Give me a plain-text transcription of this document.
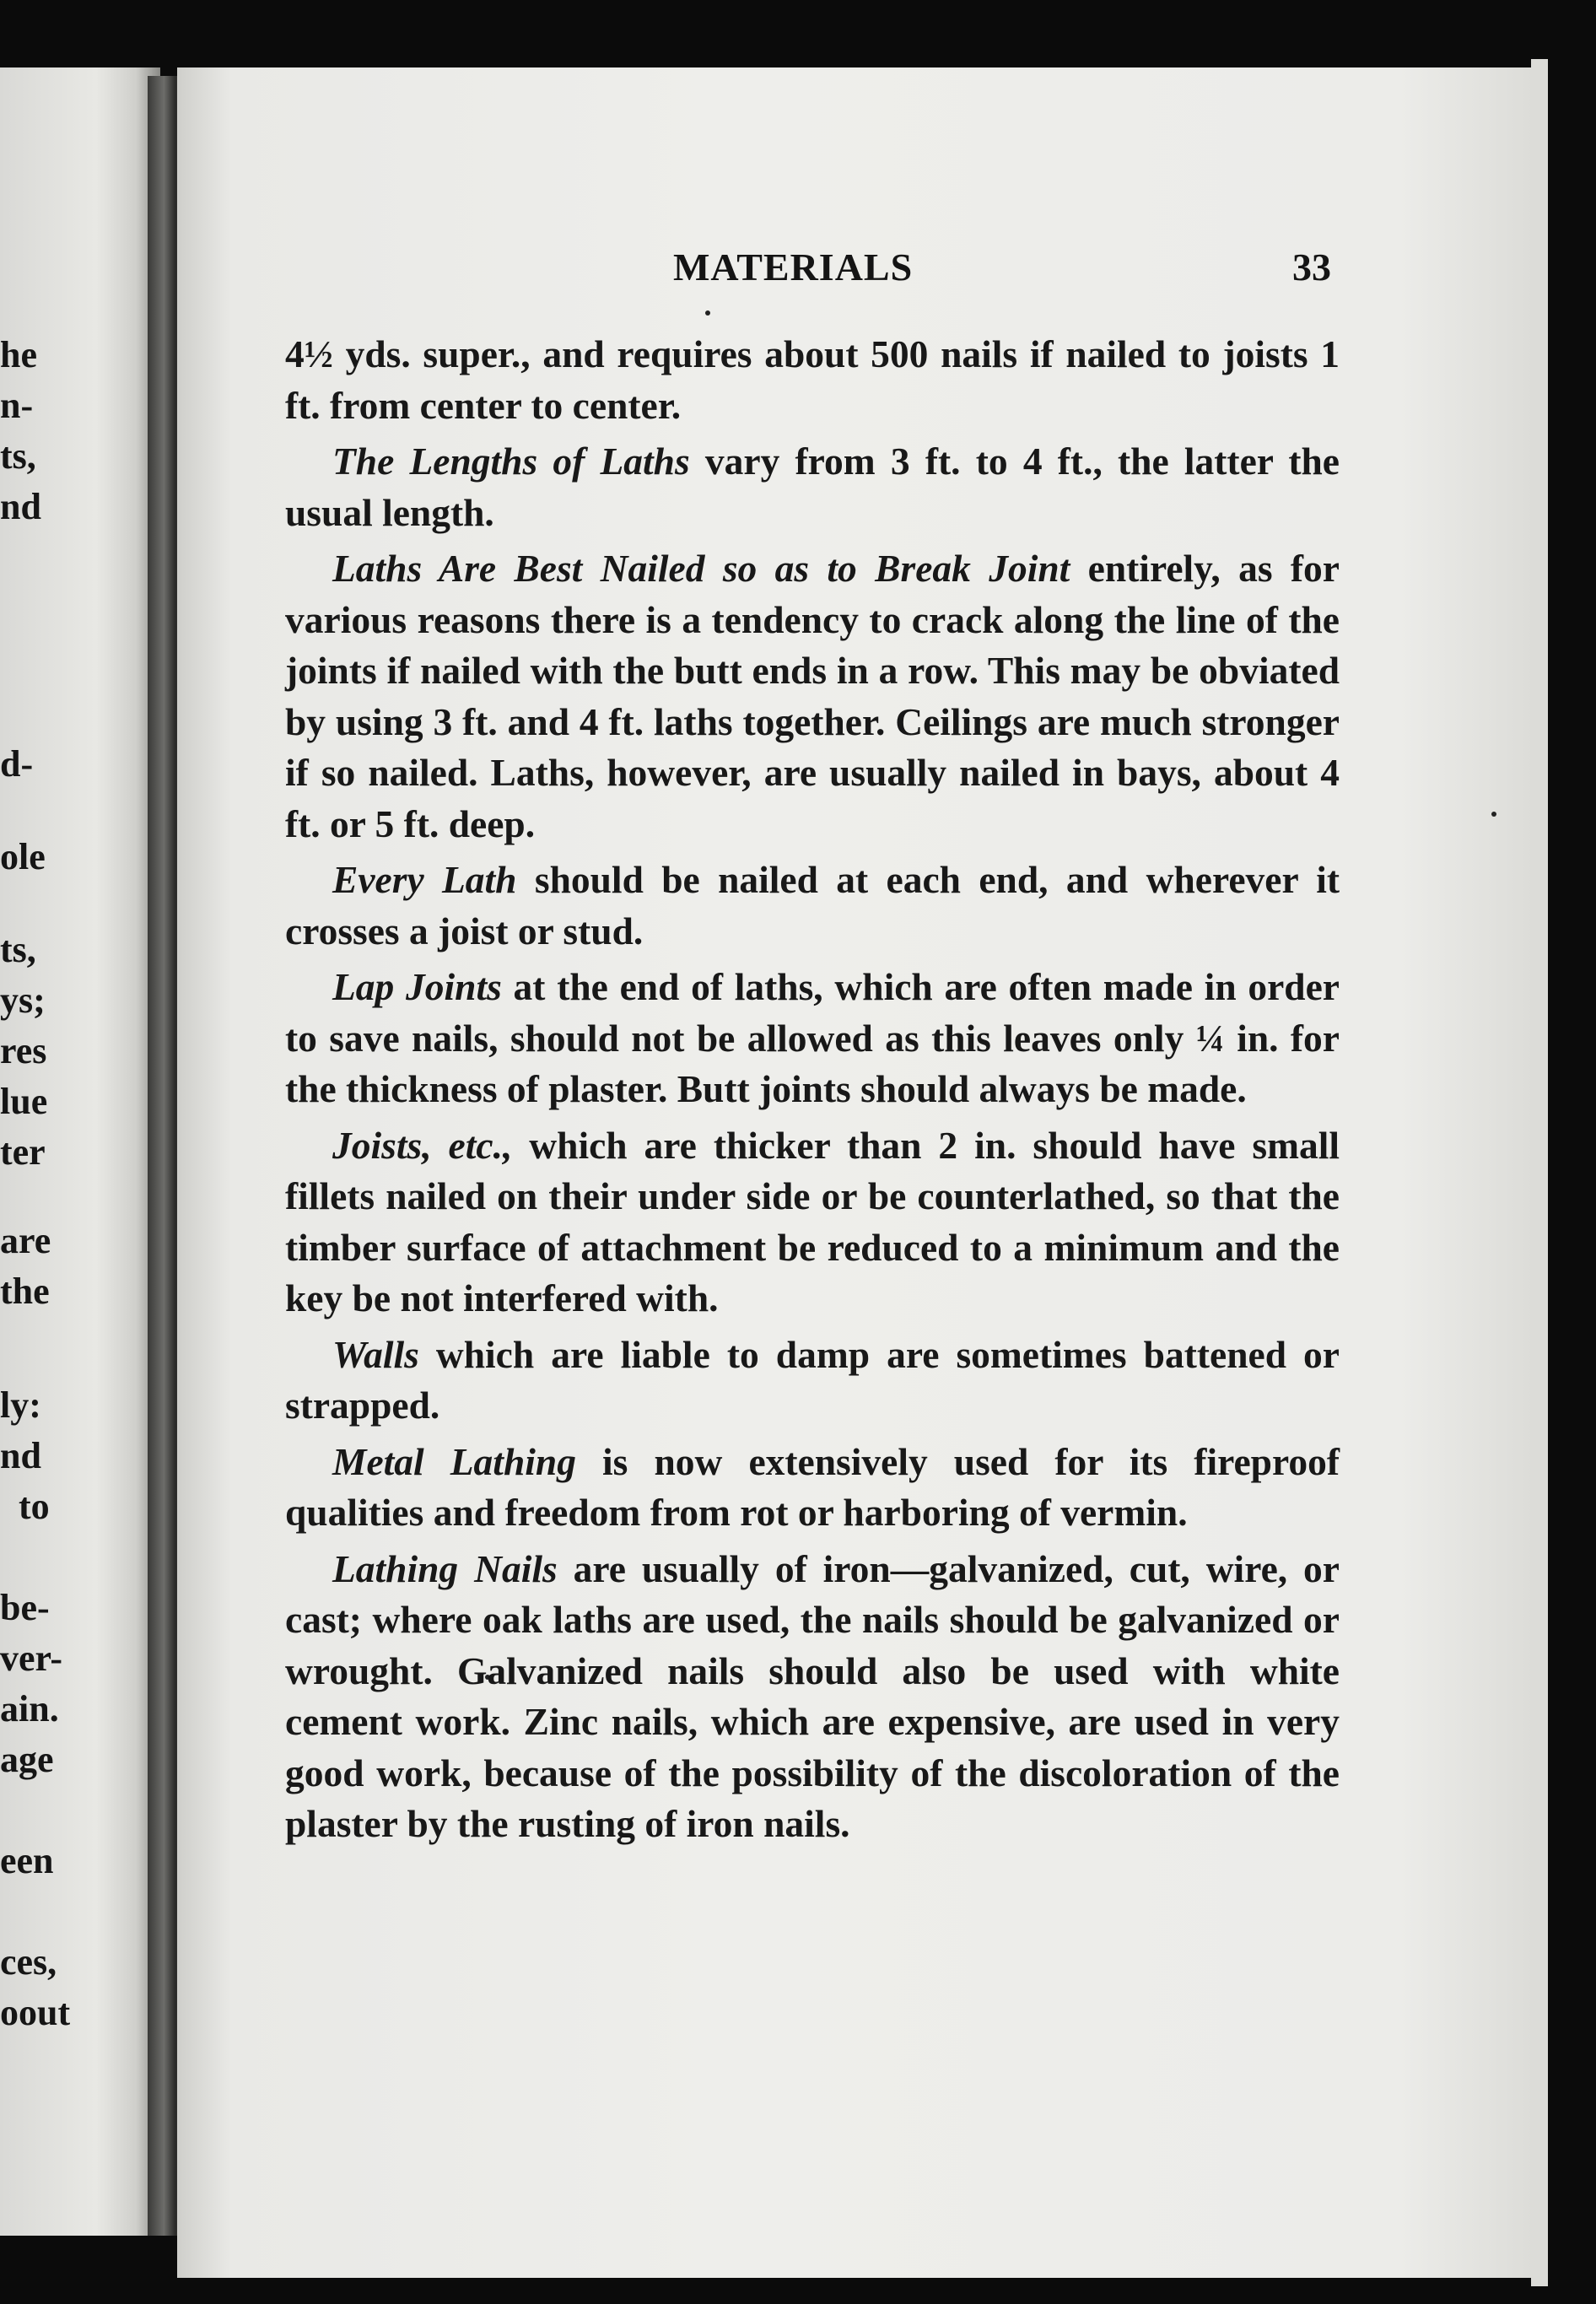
he
n-
ts,
nd
d-
ole
ts,
ys;
res
lue
ter
are
the
ly:
nd
to
be-
ver-
ain.
age
een
ces,
oout
MATERIALS	33

4½ yds. super., and requires about 500 nails if nailed to joists 1 ft. from center to center.

The Lengths of Laths vary from 3 ft. to 4 ft., the latter the usual length.

Laths Are Best Nailed so as to Break Joint entirely, as for various reasons there is a tendency to crack along the line of the joints if nailed with the butt ends in a row. This may be obviated by using 3 ft. and 4 ft. laths together. Ceilings are much stronger if so nailed. Laths, however, are usually nailed in bays, about 4 ft. or 5 ft. deep.

Every Lath should be nailed at each end, and wherever it crosses a joist or stud.

Lap Joints at the end of laths, which are often made in order to save nails, should not be allowed as this leaves only ¼ in. for the thickness of plaster. Butt joints should always be made.

Joists, etc., which are thicker than 2 in. should have small fillets nailed on their under side or be counterlathed, so that the timber surface of attachment be reduced to a minimum and the key be not interfered with.

Walls which are liable to damp are sometimes battened or strapped.

Metal Lathing is now extensively used for its fireproof qualities and freedom from rot or harboring of vermin.

Lathing Nails are usually of iron—galvanized, cut, wire, or cast; where oak laths are used, the nails should be galvanized or wrought. Galvanized nails should also be used with white cement work. Zinc nails, which are expensive, are used in very good work, because of the possibility of the discoloration of the plaster by the rusting of iron nails.
